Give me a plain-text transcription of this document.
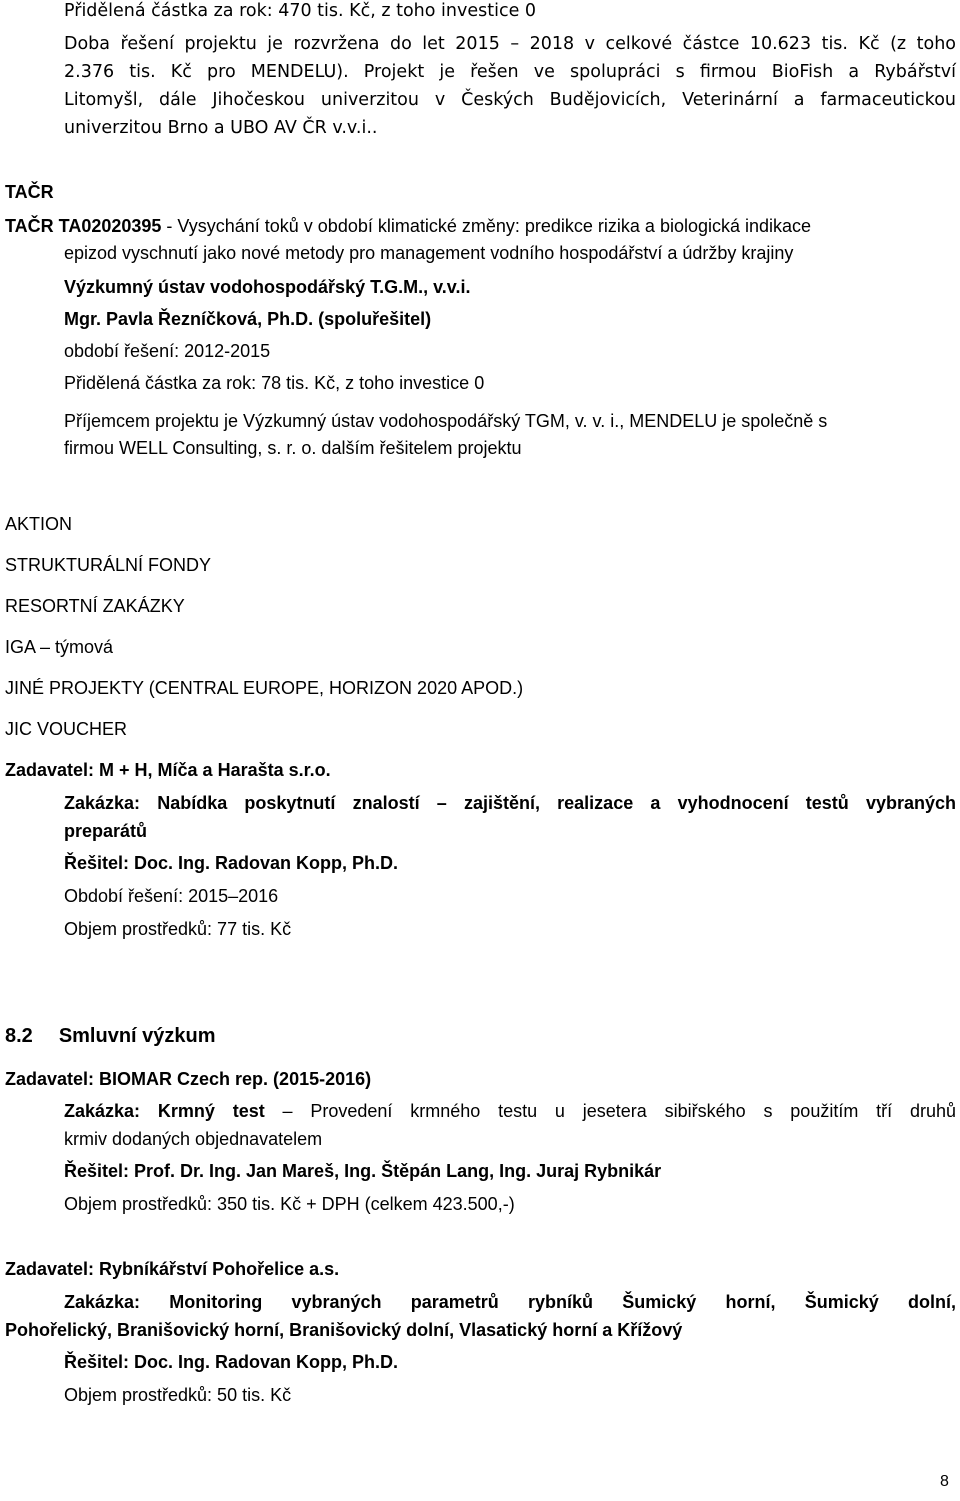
Přidělená částka za rok: 470 tis. Kč, z toho investice 0
Doba řešení projektu je rozvržena do let 2015 – 2018 v celkové částce 10.623 tis. Kč (z toho
2.376 tis. Kč pro MENDELU). Projekt je řešen ve spolupráci s firmou BioFish a Rybářství
Litomyšl, dále Jihočeskou univerzitou v Českých Budějovicích, Veterinární a farmaceutickou
univerzitou Brno a UBO AV ČR v.v.i..
TAČR
TAČR TA02020395 - Vysychání toků v období klimatické změny: predikce rizika a biologická indikace
epizod vyschnutí jako nové metody pro management vodního hospodářství a údržby krajiny
Výzkumný ústav vodohospodářský T.G.M., v.v.i.
Mgr. Pavla Řezníčková, Ph.D. (spoluřešitel)
období řešení: 2012-2015
Přidělená částka za rok: 78 tis. Kč, z toho investice 0
Příjemcem projektu je Výzkumný ústav vodohospodářský TGM, v. v. i., MENDELU je společně s
firmou WELL Consulting, s. r. o. dalším řešitelem projektu
AKTION
STRUKTURÁLNÍ FONDY
RESORTNÍ ZAKÁZKY
IGA – týmová
JINÉ PROJEKTY (CENTRAL EUROPE, HORIZON 2020 APOD.)
JIC VOUCHER
Zadavatel: M + H, Míča a Harašta s.r.o.
Zakázka: Nabídka poskytnutí znalostí – zajištění, realizace a vyhodnocení testů vybraných
preparátů
Řešitel: Doc. Ing. Radovan Kopp, Ph.D.
Období řešení: 2015–2016
Objem prostředků: 77 tis. Kč
8.2 Smluvní výzkum
Zadavatel: BIOMAR Czech rep. (2015-2016)
Zakázka: Krmný test – Provedení krmného testu u jesetera sibiřského s použitím tří druhů
krmiv dodaných objednavatelem
Řešitel: Prof. Dr. Ing. Jan Mareš, Ing. Štěpán Lang, Ing. Juraj Rybnikár
Objem prostředků: 350 tis. Kč + DPH (celkem 423.500,-)
Zadavatel: Rybníkářství Pohořelice a.s.
Zakázka: Monitoring vybraných parametrů rybníků Šumický horní, Šumický dolní,
Pohořelický, Branišovický horní, Branišovický dolní, Vlasatický horní a Křížový
Řešitel: Doc. Ing. Radovan Kopp, Ph.D.
Objem prostředků: 50 tis. Kč
8
